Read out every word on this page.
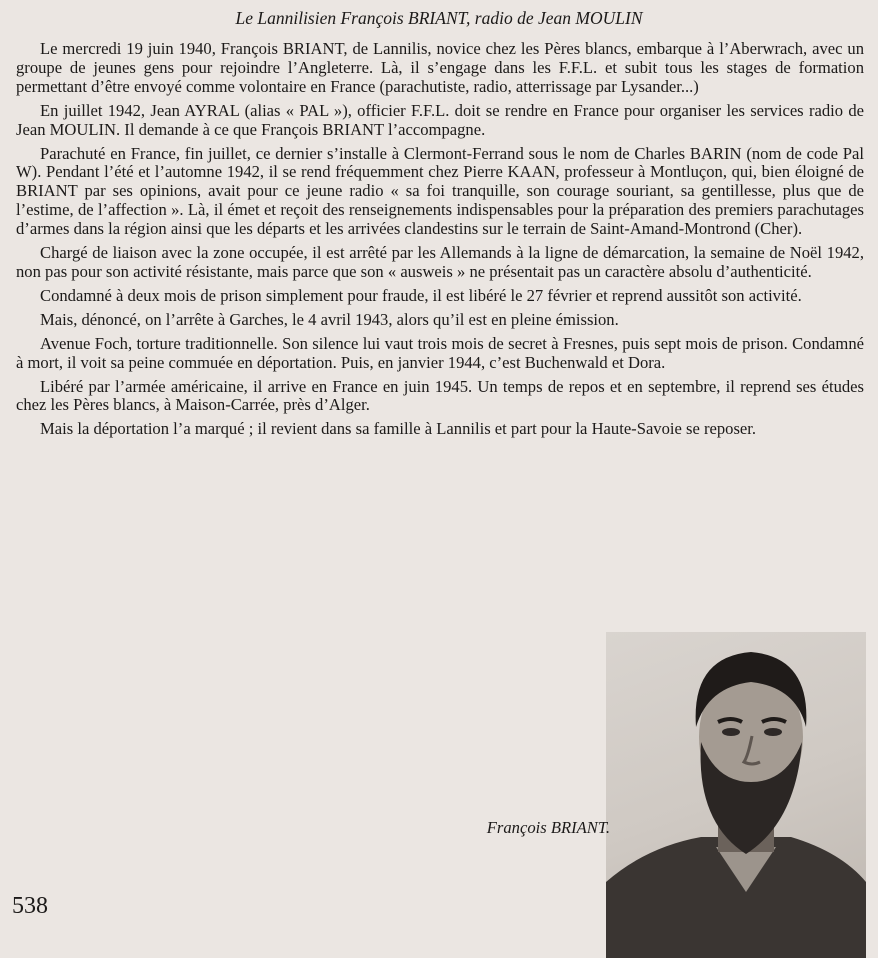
Le Lannilisien François BRIANT, radio de Jean MOULIN

Le mercredi 19 juin 1940, François BRIANT, de Lannilis, novice chez les Pères blancs, embarque à l’Aberwrach, avec un groupe de jeunes gens pour rejoindre l’Angleterre. Là, il s’engage dans les F.F.L. et subit tous les stages de formation permettant d’être envoyé comme volontaire en France (parachutiste, radio, atterrissage par Lysander...)

En juillet 1942, Jean AYRAL (alias « PAL »), officier F.F.L. doit se rendre en France pour organiser les services radio de Jean MOULIN. Il demande à ce que François BRIANT l’accompagne.

Parachuté en France, fin juillet, ce dernier s’installe à Clermont-Ferrand sous le nom de Charles BARIN (nom de code Pal W). Pendant l’été et l’automne 1942, il se rend fréquemment chez Pierre KAAN, professeur à Montluçon, qui, bien éloigné de BRIANT par ses opinions, avait pour ce jeune radio « sa foi tranquille, son courage souriant, sa gentillesse, plus que de l’estime, de l’affection ». Là, il émet et reçoit des renseignements indispensables pour la préparation des premiers parachutages d’armes dans la région ainsi que les départs et les arrivées clandestins sur le terrain de Saint-Amand-Montrond (Cher).

Chargé de liaison avec la zone occupée, il est arrêté par les Allemands à la ligne de démarcation, la semaine de Noël 1942, non pas pour son activité résistante, mais parce que son « ausweis » ne présentait pas un caractère absolu d’authenticité.

Condamné à deux mois de prison simplement pour fraude, il est libéré le 27 février et reprend aussitôt son activité.

Mais, dénoncé, on l’arrête à Garches, le 4 avril 1943, alors qu’il est en pleine émission.

Avenue Foch, torture traditionnelle. Son silence lui vaut trois mois de secret à Fresnes, puis sept mois de prison. Condamné à mort, il voit sa peine commuée en déportation. Puis, en janvier 1944, c’est Buchenwald et Dora.

Libéré par l’armée américaine, il arrive en France en juin 1945. Un temps de repos et en septembre, il reprend ses études chez les Pères blancs, à Maison-Carrée, près d’Alger.

Mais la déportation l’a marqué ; il revient dans sa famille à Lannilis et part pour la Haute-Savoie se reposer.

François BRIANT.
538
